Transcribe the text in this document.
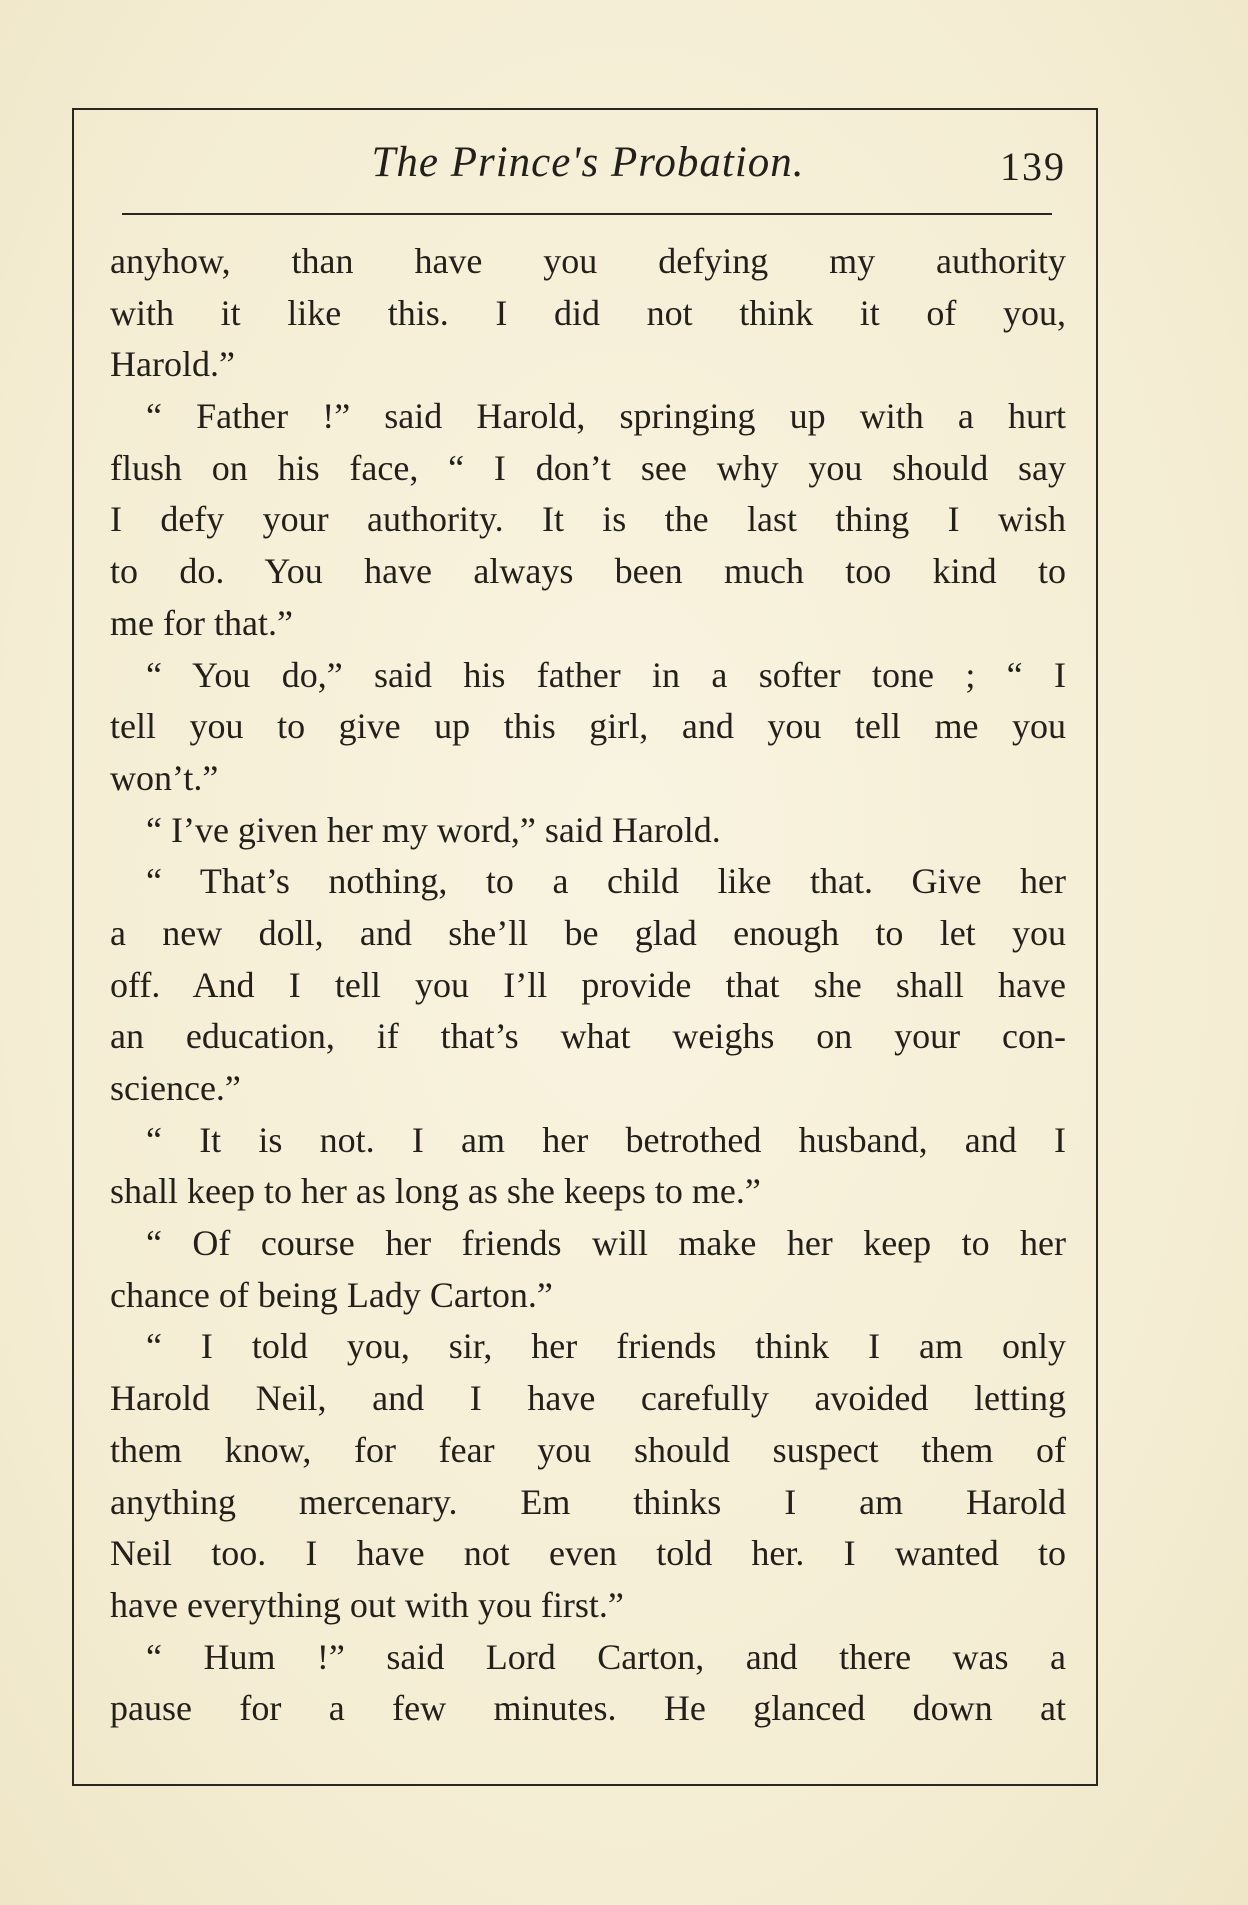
The Prince's Probation.	139
anyhow, than have you defying my authority
with it like this. I did not think it of you,
Harold.”
“ Father !” said Harold, springing up with a hurt
flush on his face, “ I don’t see why you should say
I defy your authority. It is the last thing I wish
to do. You have always been much too kind to
me for that.”
“ You do,” said his father in a softer tone ; “ I
tell you to give up this girl, and you tell me you
won’t.”
“ I’ve given her my word,” said Harold.
“ That’s nothing, to a child like that. Give her
a new doll, and she’ll be glad enough to let you
off. And I tell you I’ll provide that she shall have
an education, if that’s what weighs on your con-
science.”
“ It is not. I am her betrothed husband, and I
shall keep to her as long as she keeps to me.”
“ Of course her friends will make her keep to her
chance of being Lady Carton.”
“ I told you, sir, her friends think I am only
Harold Neil, and I have carefully avoided letting
them know, for fear you should suspect them of
anything mercenary. Em thinks I am Harold
Neil too. I have not even told her. I wanted to
have everything out with you first.”
“ Hum !” said Lord Carton, and there was a
pause for a few minutes. He glanced down at
